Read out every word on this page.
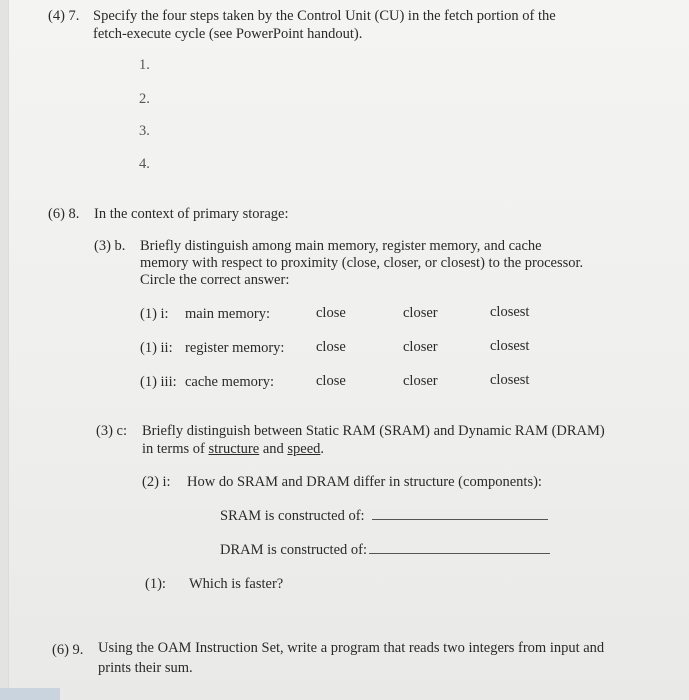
(4) 7. Specify the four steps taken by the Control Unit (CU) in the fetch portion of the
fetch-execute cycle (see PowerPoint handout).
1.
2.
3.
4.
(6) 8. In the context of primary storage:
(3) b. Briefly distinguish among main memory, register memory, and cache
memory with respect to proximity (close, closer, or closest) to the processor.
Circle the correct answer:
(1) i: main memory:	close	closer	closest
(1) ii: register memory: close	closer	closest
(1) iii: cache memory:	close	closer	closest
(3) c: Briefly distinguish between Static RAM (SRAM) and Dynamic RAM (DRAM)
in terms of structure and speed.
(2) i: How do SRAM and DRAM differ in structure (components):
SRAM is constructed of:
DRAM is constructed of:
(1): Which is faster?
(6) 9. Using the OAM Instruction Set, write a program that reads two integers from input and
prints their sum.
